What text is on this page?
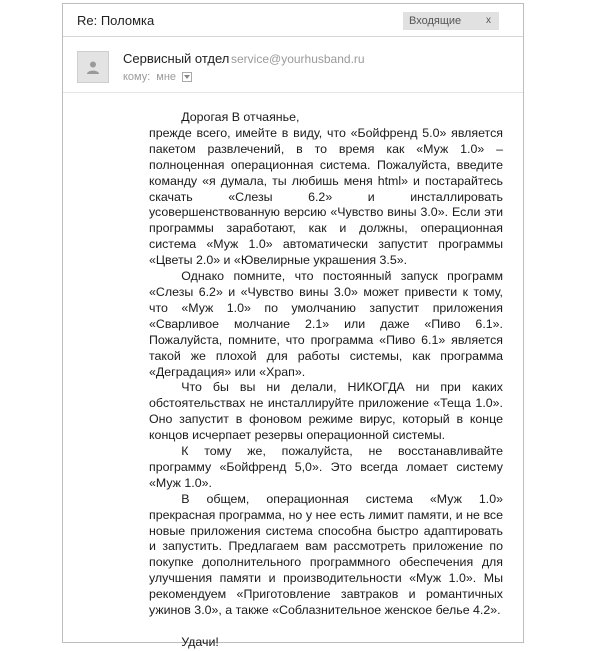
Re: Поломка	Входящие x
Сервисный отдел service@yourhusband.ru
кому: мне

Дорогая В отчаянье,

прежде всего, имейте в виду, что «Бойфренд 5.0» является пакетом развлечений, в то время как «Муж 1.0» – полноценная операционная система. Пожалуйста, введите команду «я думала, ты любишь меня html» и постарайтесь скачать «Слезы 6.2» и инсталлировать усовершенствованную версию «Чувство вины 3.0». Если эти программы заработают, как и должны, операционная система «Муж 1.0» автоматически запустит программы «Цветы 2.0» и «Ювелирные украшения 3.5».

Однако помните, что постоянный запуск программ «Слезы 6.2» и «Чувство вины 3.0» может привести к тому, что «Муж 1.0» по умолчанию запустит приложения «Сварливое молчание 2.1» или даже «Пиво 6.1». Пожалуйста, помните, что программа «Пиво 6.1» является такой же плохой для работы системы, как программа «Деградация» или «Храп».

Что бы вы ни делали, НИКОГДА ни при каких обстоятельствах не инсталлируйте приложение «Теща 1.0». Оно запустит в фоновом режиме вирус, который в конце концов исчерпает резервы операционной системы.

К тому же, пожалуйста, не восстанавливайте программу «Бойфренд 5,0». Это всегда ломает систему «Муж 1.0».

В общем, операционная система «Муж 1.0» прекрасная программа, но у нее есть лимит памяти, и не все новые приложения система способна быстро адаптировать и запустить. Предлагаем вам рассмотреть приложение по покупке дополнительного программного обеспечения для улучшения памяти и производительности «Муж 1.0». Мы рекомендуем «Приготовление завтраков и романтичных ужинов 3.0», а также «Соблазнительное женское белье 4.2».

Удачи!
